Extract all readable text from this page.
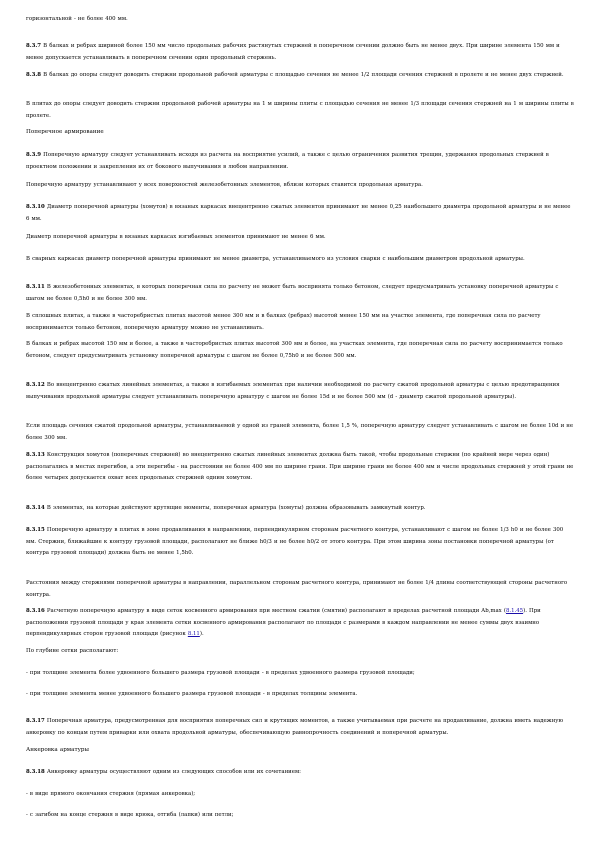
горизонтальной - не более 400 мм.

8.3.7 В балках и ребрах шириной более 150 мм число продольных рабочих растянутых стержней в поперечном сечении должно быть не менее двух. При ширине элемента 150 мм и менее допускается устанавливать в поперечном сечении один продольный стержень.

8.3.8 В балках до опоры следует доводить стержни продольной рабочей арматуры с площадью сечения не менее 1/2 площади сечения стержней в пролете и не менее двух стержней.

В плитах до опоры следует доводить стержни продольной рабочей арматуры на 1 м ширины плиты с площадью сечения не менее 1/3 площади сечения стержней на 1 м ширины плиты в пролете.

Поперечное армирование

8.3.9 Поперечную арматуру следует устанавливать исходя из расчета на восприятие усилий, а также с целью ограничения развития трещин, удержания продольных стержней в проектном положении и закрепления их от бокового выпучивания в любом направлении.

Поперечную арматуру устанавливают у всех поверхностей железобетонных элементов, вблизи которых ставится продольная арматура.

8.3.10 Диаметр поперечной арматуры (хомутов) в вязаных каркасах внецентренно сжатых элементов принимают не менее 0,25 наибольшего диаметра продольной арматуры и не менее 6 мм.

Диаметр поперечной арматуры в вязаных каркасах изгибаемых элементов принимают не менее 6 мм.

В сварных каркасах диаметр поперечной арматуры принимают не менее диаметра, устанавливаемого из условия сварки с наибольшим диаметром продольной арматуры.

8.3.11 В железобетонных элементах, в которых поперечная сила по расчету не может быть воспринята только бетоном, следует предусматривать установку поперечной арматуры с шагом не более 0,5h0 и не более 300 мм.

В сплошных плитах, а также в часторебристых плитах высотой менее 300 мм и в балках (ребрах) высотой менее 150 мм на участке элемента, где поперечная сила по расчету воспринимается только бетоном, поперечную арматуру можно не устанавливать.

В балках и ребрах высотой 150 мм и более, а также в часторебристых плитах высотой 300 мм и более, на участках элемента, где поперечная сила по расчету воспринимается только бетоном, следует предусматривать установку поперечной арматуры с шагом не более 0,75h0 и не более 500 мм.

8.3.12 Во внецентренно сжатых линейных элементах, а также в изгибаемых элементах при наличии необходимой по расчету сжатой продольной арматуры с целью предотвращения выпучивания продольной арматуры следует устанавливать поперечную арматуру с шагом не более 15d и не более 500 мм (d - диаметр сжатой продольной арматуры).

Если площадь сечения сжатой продольной арматуры, устанавливаемой у одной из граней элемента, более 1,5 %, поперечную арматуру следует устанавливать с шагом не более 10d и не более 300 мм.

8.3.13 Конструкция хомутов (поперечных стержней) во внецентренно сжатых линейных элементах должна быть такой, чтобы продольные стержни (по крайней мере через один) располагались в местах перегибов, а эти перегибы - на расстоянии не более 400 мм по ширине грани. При ширине грани не более 400 мм и числе продольных стержней у этой грани не более четырех допускается охват всех продольных стержней одним хомутом.

8.3.14 В элементах, на которые действуют крутящие моменты, поперечная арматура (хомуты) должна образовывать замкнутый контур.

8.3.15 Поперечную арматуру в плитах в зоне продавливания в направлении, перпендикулярном сторонам расчетного контура, устанавливают с шагом не более 1/3 h0 и не более 300 мм. Стержни, ближайшие к контуру грузовой площади, располагают не ближе h0/3 и не более h0/2 от этого контура. При этом ширина зоны постановки поперечной арматуры (от контура грузовой площади) должна быть не менее 1,5h0.

Расстояния между стержнями поперечной арматуры в направлении, параллельном сторонам расчетного контура, принимают не более 1/4 длины соответствующей стороны расчетного контура.

8.3.16 Расчетную поперечную арматуру в виде сеток косвенного армирования при местном сжатии (смятии) располагают в пределах расчетной площади Ab,max (8.1.45). При расположении грузовой площади у края элемента сетки косвенного армирования располагают по площади с размерами в каждом направлении не менее суммы двух взаимно перпендикулярных сторон грузовой площади (рисунок 8.11).

По глубине сетки располагают:

- при толщине элемента более удвоенного большего размера грузовой площади - в пределах удвоенного размера грузовой площади;

- при толщине элемента менее удвоенного большего размера грузовой площади - в пределах толщины элемента.

8.3.17 Поперечная арматура, предусмотренная для восприятия поперечных сил и крутящих моментов, а также учитываемая при расчете на продавливание, должна иметь надежную анкеровку по концам путем приварки или охвата продольной арматуры, обеспечивающую равнопрочность соединений и поперечной арматуры.

Анкеровка арматуры

8.3.18 Анкеровку арматуры осуществляют одним из следующих способов или их сочетанием:

- в виде прямого окончания стержня (прямая анкеровка);

- с загибом на конце стержня в виде крюка, отгиба (лапки) или петли;
